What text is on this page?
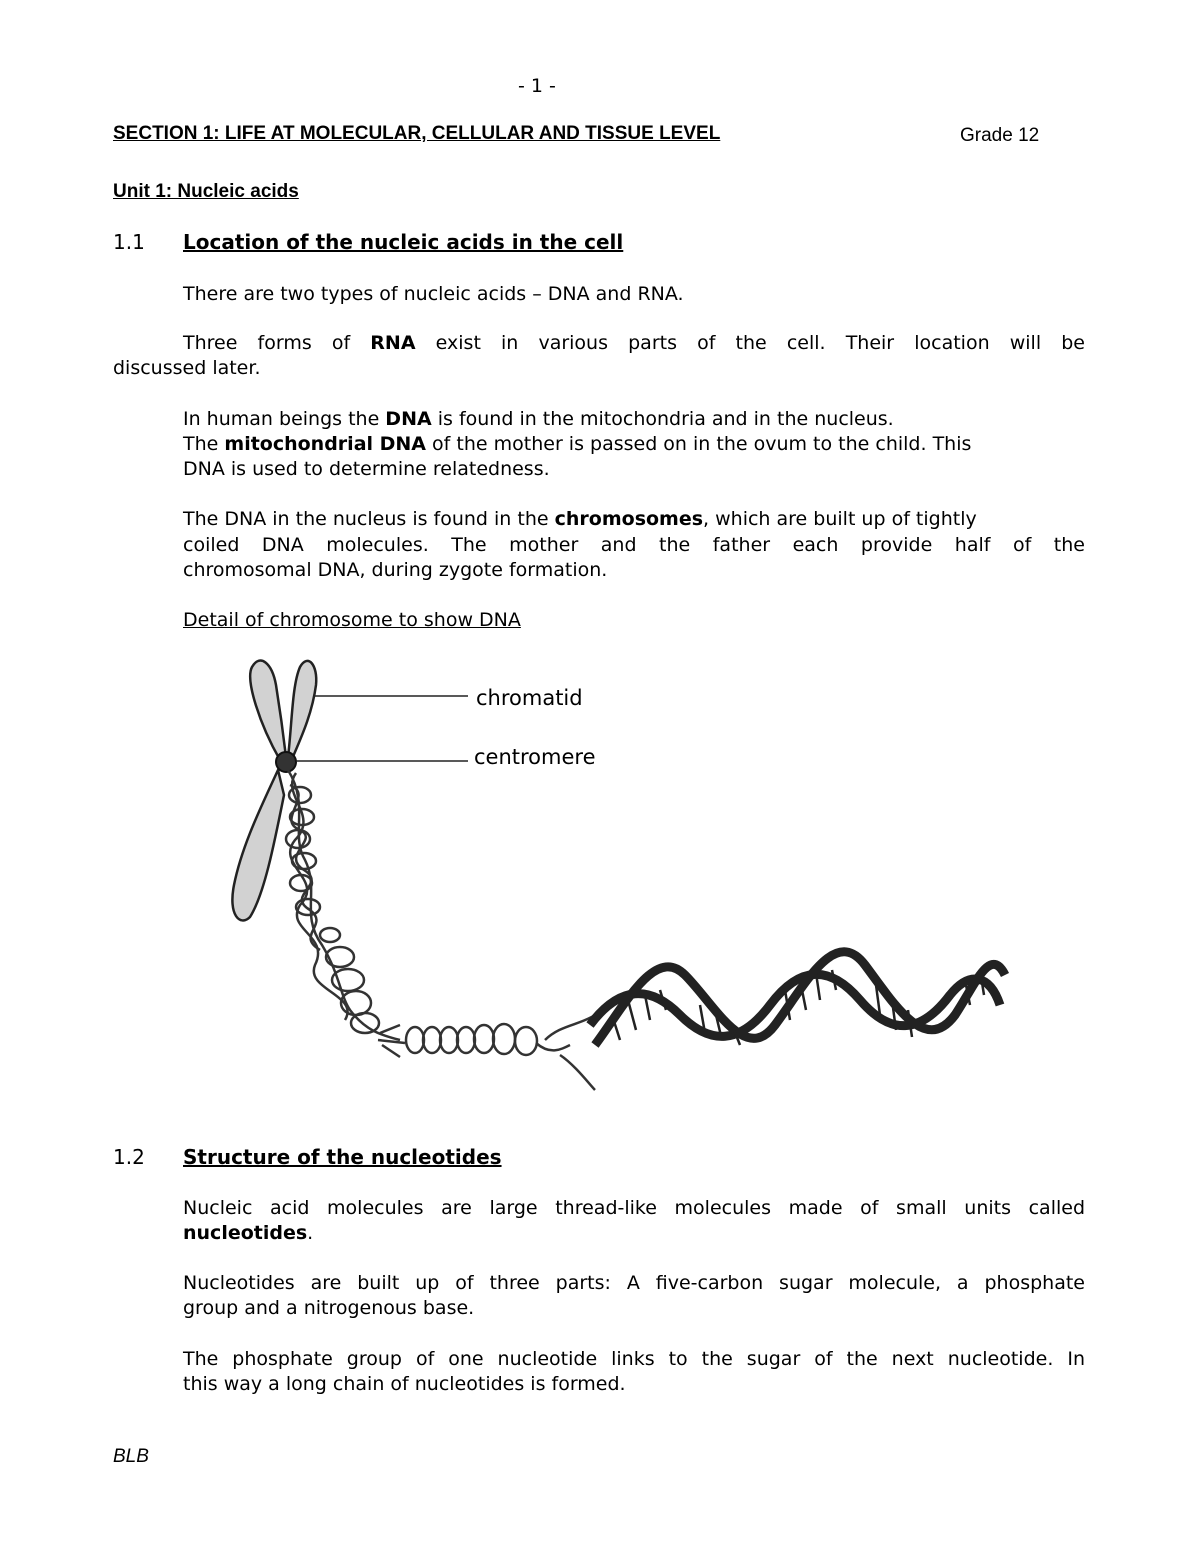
- 1 -
SECTION 1: LIFE AT MOLECULAR, CELLULAR AND TISSUE LEVEL	Grade 12
Unit 1: Nucleic acids
1.1 Location of the nucleic acids in the cell
There are two types of nucleic acids – DNA and RNA.
Three forms of RNA exist in various parts of the cell. Their location will be
discussed later.
In human beings the DNA is found in the mitochondria and in the nucleus.
The mitochondrial DNA of the mother is passed on in the ovum to the child. This
DNA is used to determine relatedness.
The DNA in the nucleus is found in the chromosomes, which are built up of tightly
coiled DNA molecules. The mother and the father each provide half of the
chromosomal DNA, during zygote formation.
Detail of chromosome to show DNA
chromatid
centromere
1.2 Structure of the nucleotides
Nucleic acid molecules are large thread-like molecules made of small units called
nucleotides.
Nucleotides are built up of three parts: A five-carbon sugar molecule, a phosphate
group and a nitrogenous base.
The phosphate group of one nucleotide links to the sugar of the next nucleotide. In
this way a long chain of nucleotides is formed.
BLB
